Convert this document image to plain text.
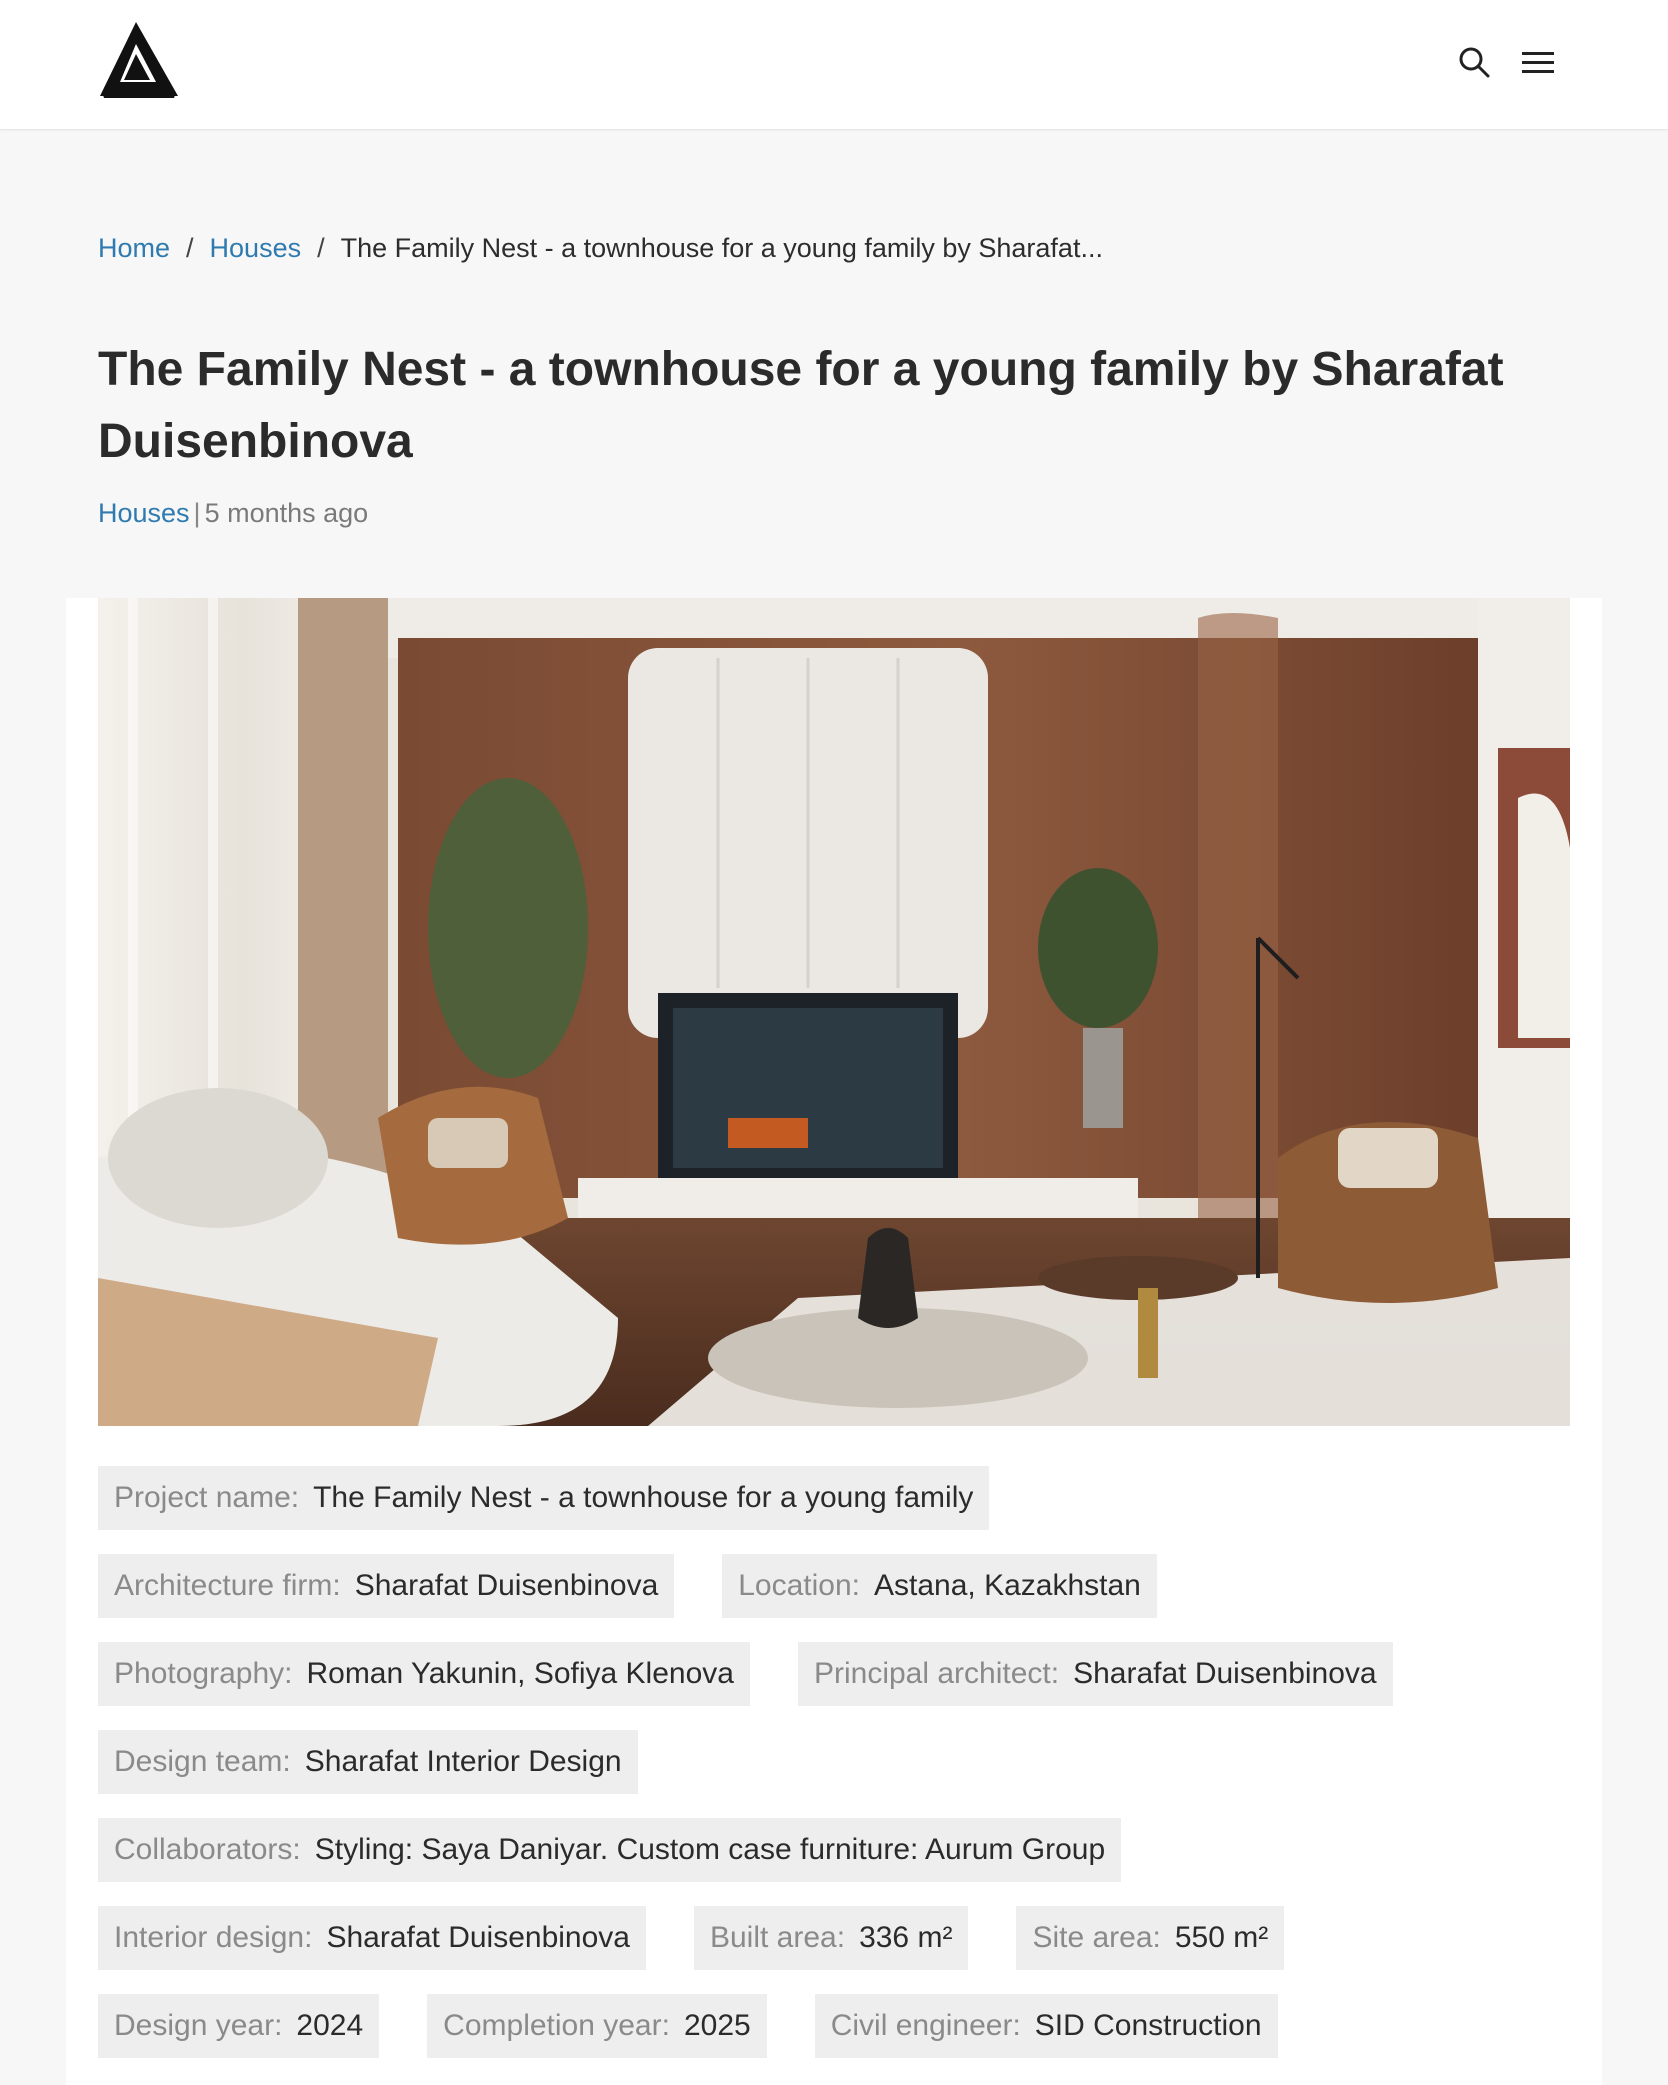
Home / Houses / The Family Nest - a townhouse for a young family by Sharafat...
The Family Nest - a townhouse for a young family by Sharafat Duisenbinova
Houses | 5 months ago
Project name: The Family Nest - a townhouse for a young family
Architecture firm: Sharafat Duisenbinova	Location: Astana, Kazakhstan
Photography: Roman Yakunin, Sofiya Klenova	Principal architect: Sharafat Duisenbinova
Design team: Sharafat Interior Design
Collaborators: Styling: Saya Daniyar. Custom case furniture: Aurum Group
Interior design: Sharafat Duisenbinova	Built area: 336 m²	Site area: 550 m²
Design year: 2024	Completion year: 2025	Civil engineer: SID Construction
